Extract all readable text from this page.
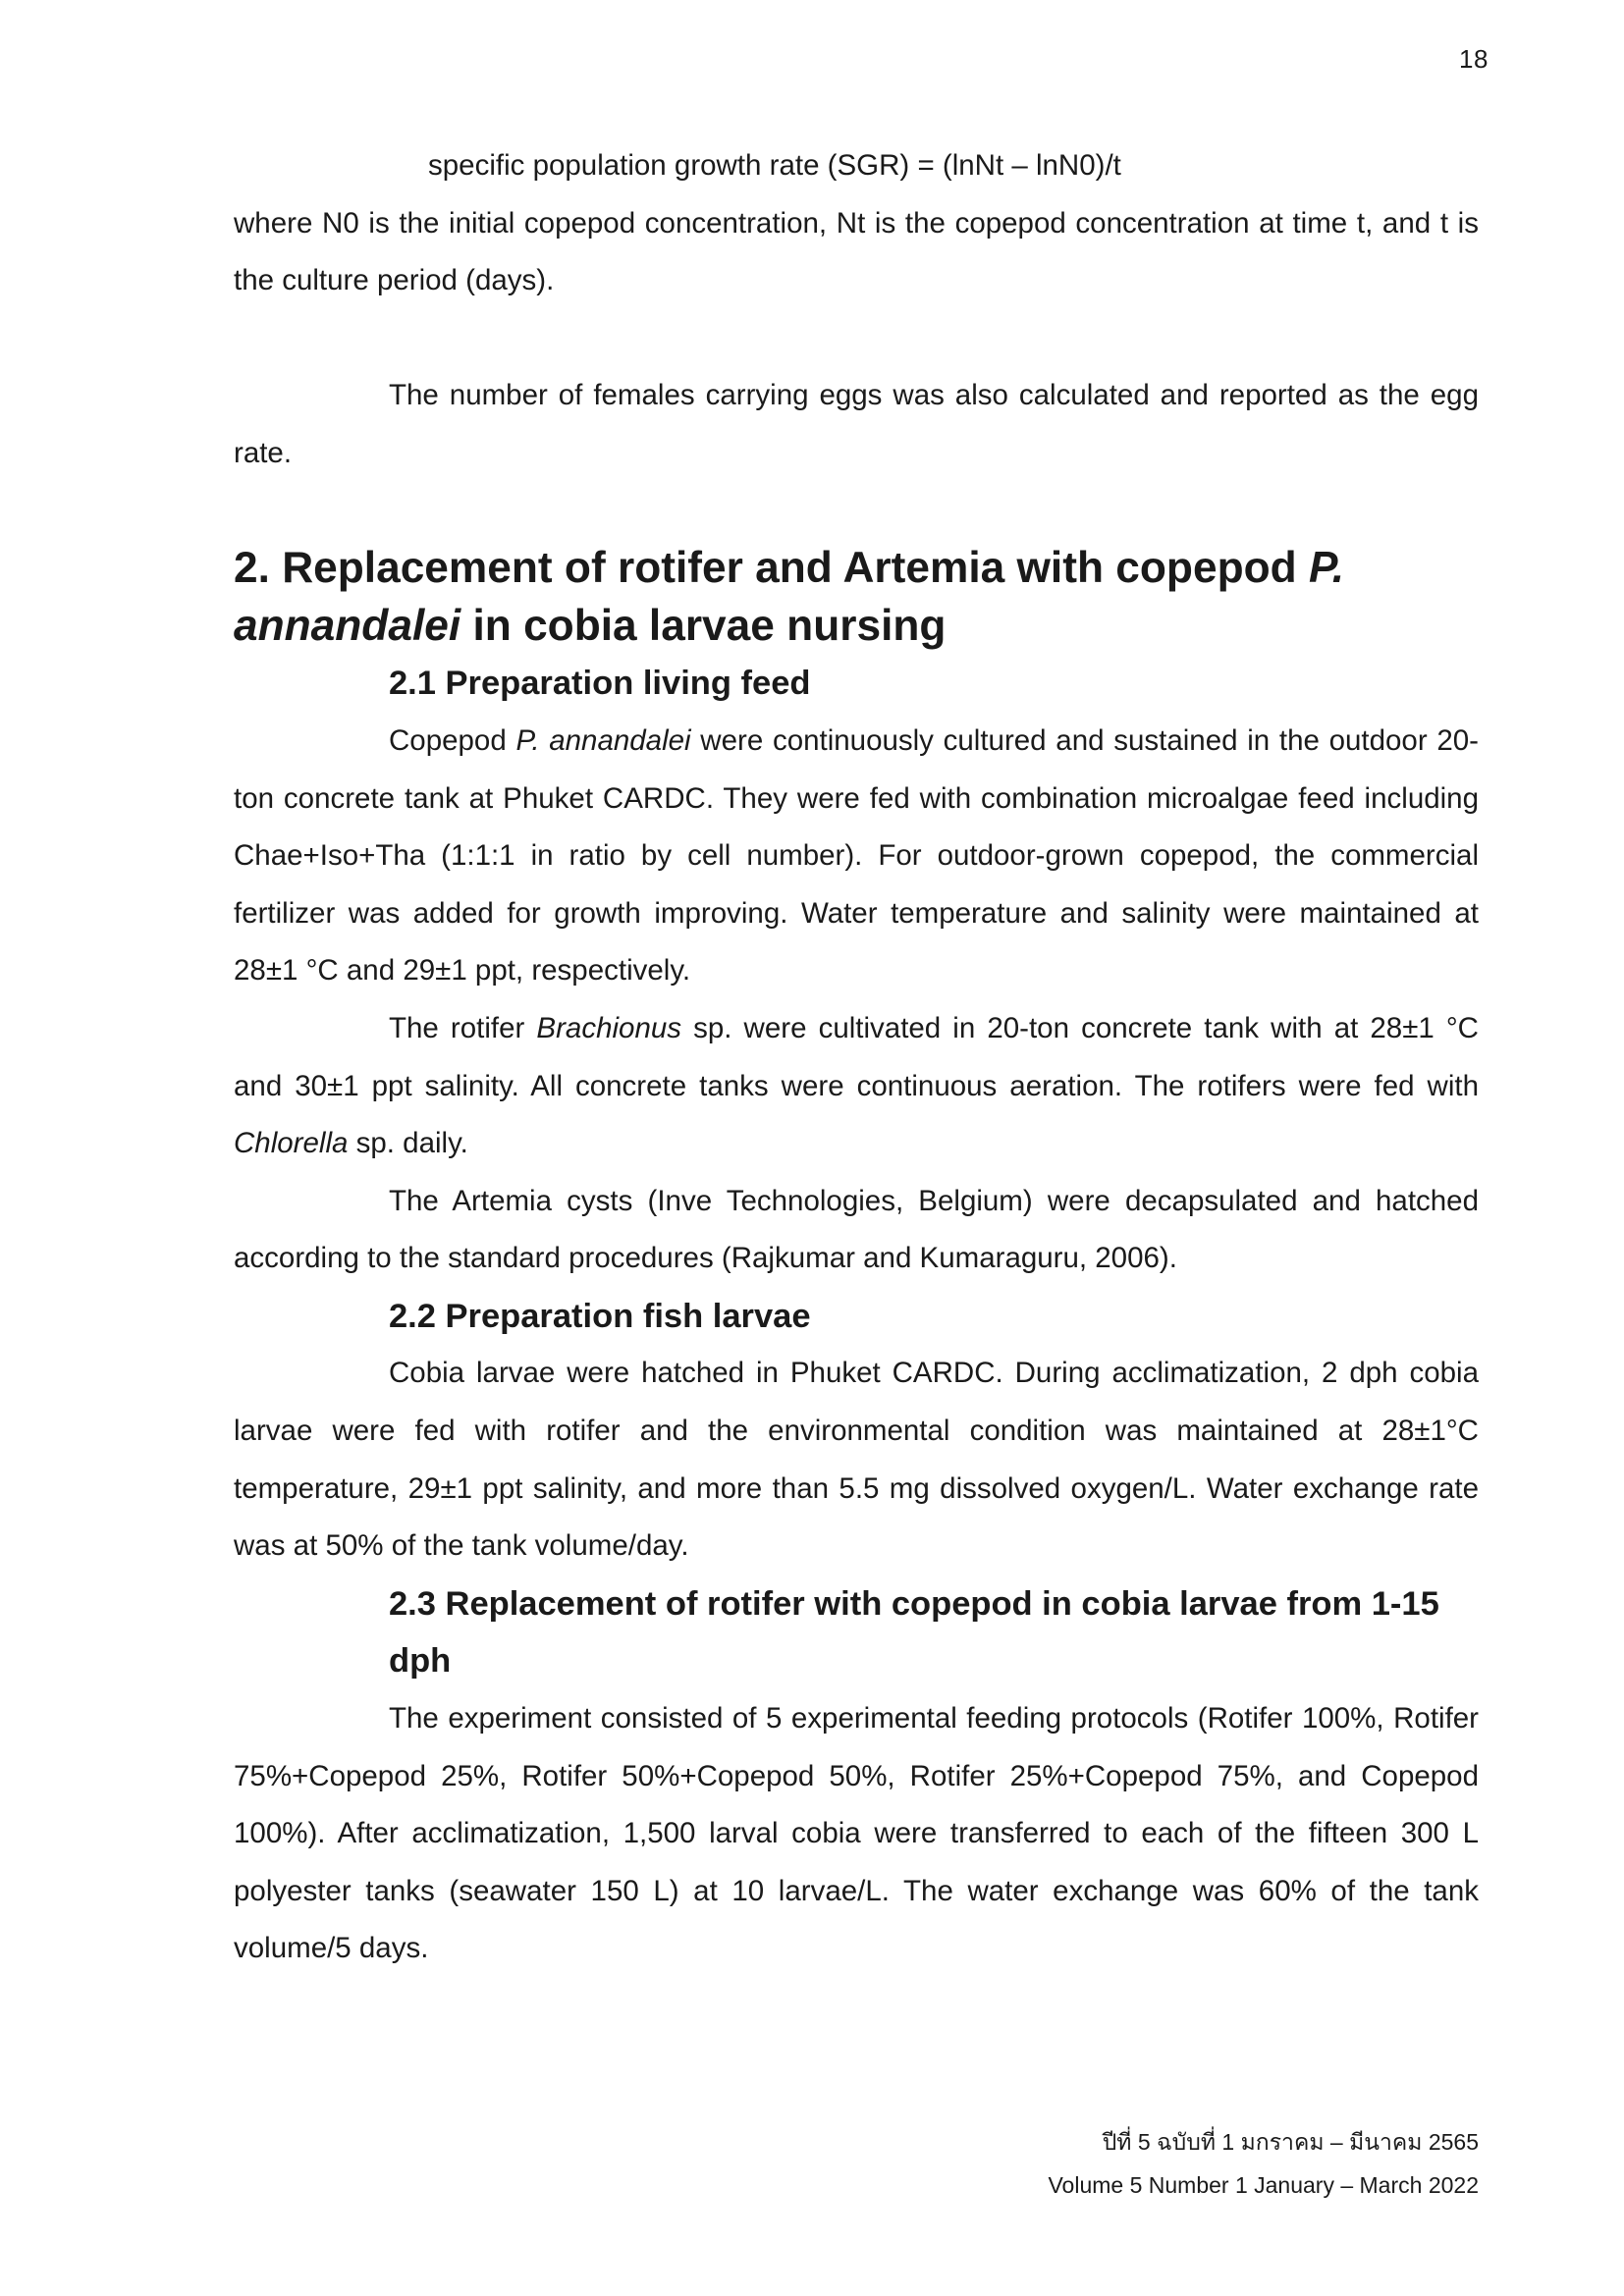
18
specific population growth rate (SGR) = (lnNt – lnN0)/t

where N0 is the initial copepod concentration, Nt is the copepod concentration at time t, and t is the culture period (days).

The number of females carrying eggs was also calculated and reported as the egg rate.

2. Replacement of rotifer and Artemia with copepod P. annandalei in cobia larvae nursing
2.1 Preparation living feed

Copepod P. annandalei were continuously cultured and sustained in the outdoor 20-ton concrete tank at Phuket CARDC. They were fed with combination microalgae feed including Chae+Iso+Tha (1:1:1 in ratio by cell number). For outdoor-grown copepod, the commercial fertilizer was added for growth improving. Water temperature and salinity were maintained at 28±1 °C and 29±1 ppt, respectively.

The rotifer Brachionus sp. were cultivated in 20-ton concrete tank with at 28±1 °C and 30±1 ppt salinity. All concrete tanks were continuous aeration. The rotifers were fed with Chlorella sp. daily.

The Artemia cysts (Inve Technologies, Belgium) were decapsulated and hatched according to the standard procedures (Rajkumar and Kumaraguru, 2006).

2.2 Preparation fish larvae

Cobia larvae were hatched in Phuket CARDC. During acclimatization, 2 dph cobia larvae were fed with rotifer and the environmental condition was maintained at 28±1°C temperature, 29±1 ppt salinity, and more than 5.5 mg dissolved oxygen/L. Water exchange rate was at 50% of the tank volume/day.

2.3 Replacement of rotifer with copepod in cobia larvae from 1-15 dph

The experiment consisted of 5 experimental feeding protocols (Rotifer 100%, Rotifer 75%+Copepod 25%, Rotifer 50%+Copepod 50%, Rotifer 25%+Copepod 75%, and Copepod 100%). After acclimatization, 1,500 larval cobia were transferred to each of the fifteen 300 L polyester tanks (seawater 150 L) at 10 larvae/L. The water exchange was 60% of the tank volume/5 days.

ปีที่ 5 ฉบับที่ 1 มกราคม – มีนาคม 2565
Volume 5 Number 1 January – March 2022
